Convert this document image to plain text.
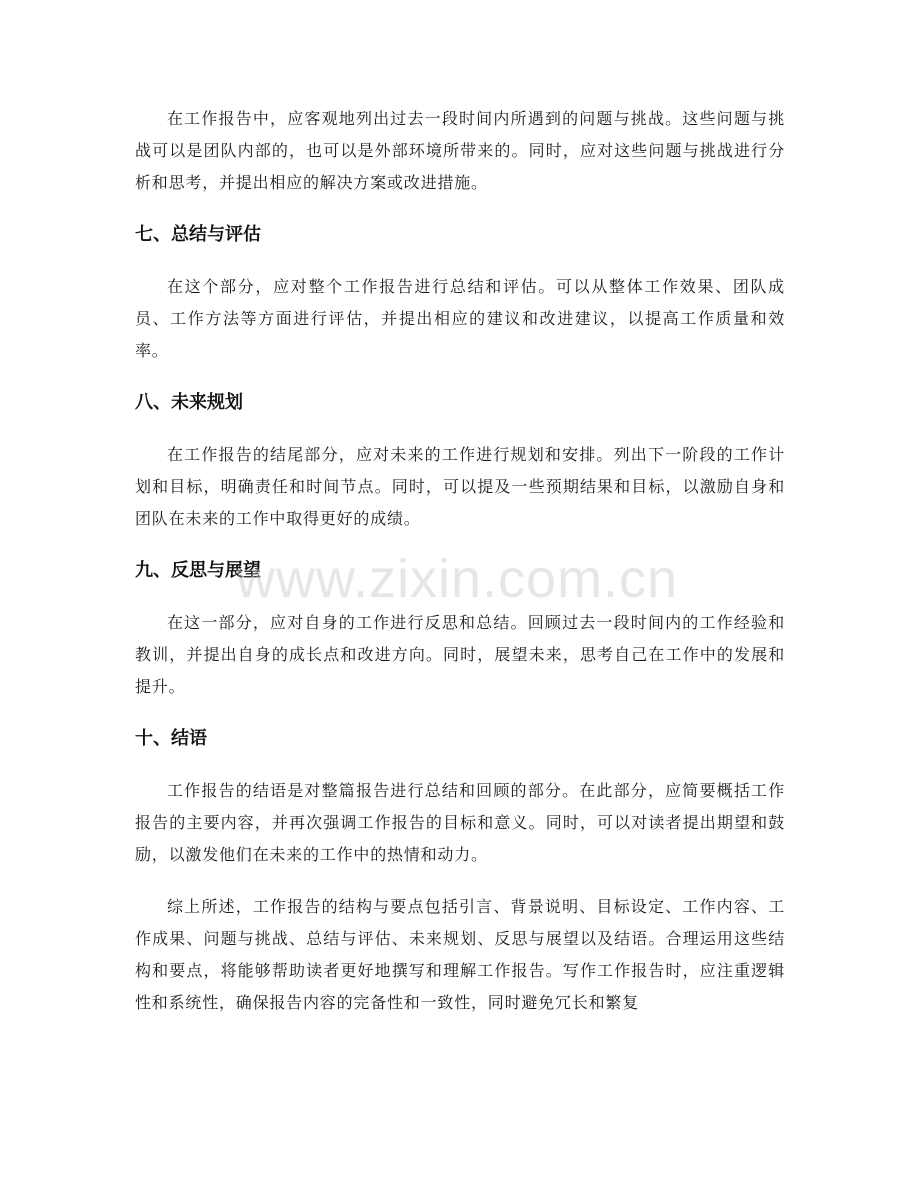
在工作报告中，应客观地列出过去一段时间内所遇到的问题与挑战。这些问题与挑战可以是团队内部的，也可以是外部环境所带来的。同时，应对这些问题与挑战进行分析和思考，并提出相应的解决方案或改进措施。

七、总结与评估

在这个部分，应对整个工作报告进行总结和评估。可以从整体工作效果、团队成员、工作方法等方面进行评估，并提出相应的建议和改进建议，以提高工作质量和效率。

八、未来规划

在工作报告的结尾部分，应对未来的工作进行规划和安排。列出下一阶段的工作计划和目标，明确责任和时间节点。同时，可以提及一些预期结果和目标，以激励自身和团队在未来的工作中取得更好的成绩。

九、反思与展望

在这一部分，应对自身的工作进行反思和总结。回顾过去一段时间内的工作经验和教训，并提出自身的成长点和改进方向。同时，展望未来，思考自己在工作中的发展和提升。

十、结语

工作报告的结语是对整篇报告进行总结和回顾的部分。在此部分，应简要概括工作报告的主要内容，并再次强调工作报告的目标和意义。同时，可以对读者提出期望和鼓励，以激发他们在未来的工作中的热情和动力。

综上所述，工作报告的结构与要点包括引言、背景说明、目标设定、工作内容、工作成果、问题与挑战、总结与评估、未来规划、反思与展望以及结语。合理运用这些结构和要点，将能够帮助读者更好地撰写和理解工作报告。写作工作报告时，应注重逻辑性和系统性，确保报告内容的完备性和一致性，同时避免冗长和繁复

www.zixin.com.cn
